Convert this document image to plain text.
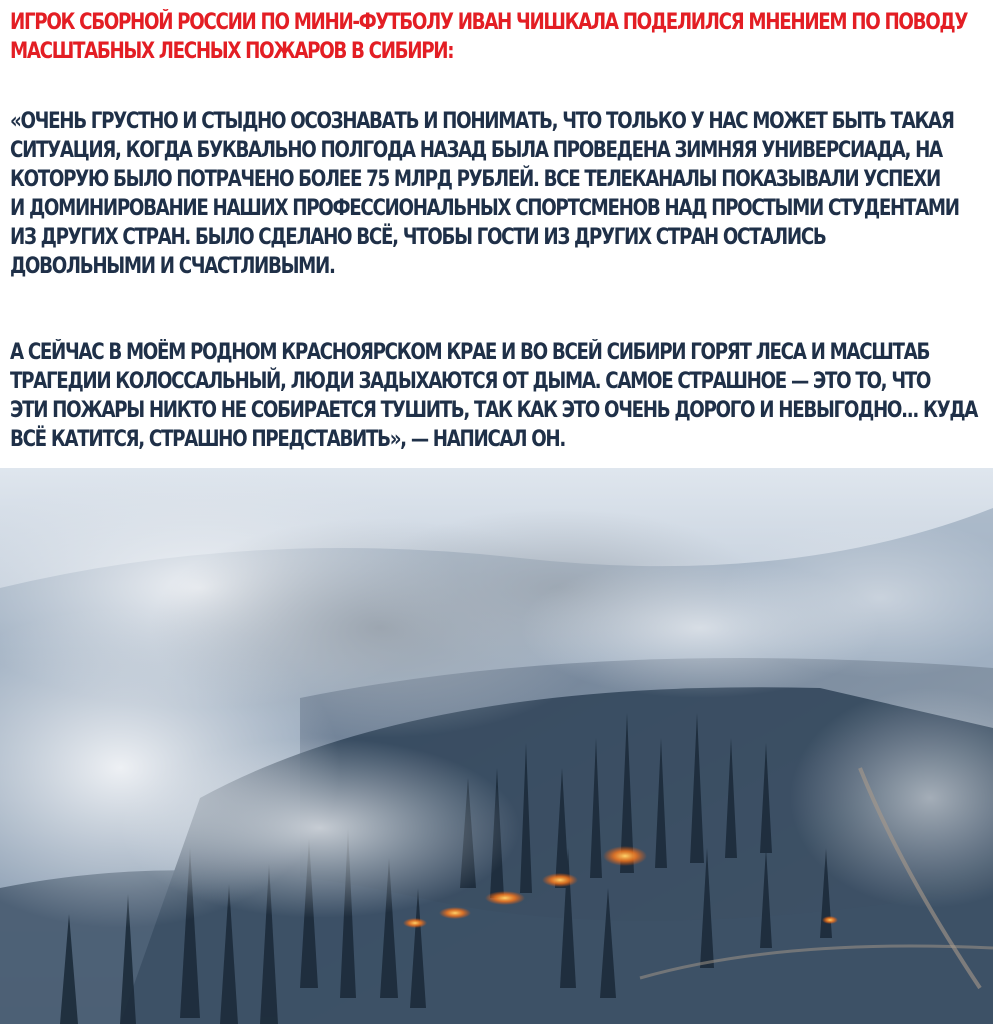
ИГРОК СБОРНОЙ РОССИИ ПО МИНИ-ФУТБОЛУ ИВАН ЧИШКАЛА ПОДЕЛИЛСЯ МНЕНИЕМ ПО ПОВОДУ
МАСШТАБНЫХ ЛЕСНЫХ ПОЖАРОВ В СИБИРИ:
«ОЧЕНЬ ГРУСТНО И СТЫДНО ОСОЗНАВАТЬ И ПОНИМАТЬ, ЧТО ТОЛЬКО У НАС МОЖЕТ БЫТЬ ТАКАЯ
СИТУАЦИЯ, КОГДА БУКВАЛЬНО ПОЛГОДА НАЗАД БЫЛА ПРОВЕДЕНА ЗИМНЯЯ УНИВЕРСИАДА, НА
КОТОРУЮ БЫЛО ПОТРАЧЕНО БОЛЕЕ 75 МЛРД РУБЛЕЙ. ВСЕ ТЕЛЕКАНАЛЫ ПОКАЗЫВАЛИ УСПЕХИ
И ДОМИНИРОВАНИЕ НАШИХ ПРОФЕССИОНАЛЬНЫХ СПОРТСМЕНОВ НАД ПРОСТЫМИ СТУДЕНТАМИ
ИЗ ДРУГИХ СТРАН. БЫЛО СДЕЛАНО ВСЁ, ЧТОБЫ ГОСТИ ИЗ ДРУГИХ СТРАН ОСТАЛИСЬ
ДОВОЛЬНЫМИ И СЧАСТЛИВЫМИ.
А СЕЙЧАС В МОЁМ РОДНОМ КРАСНОЯРСКОМ КРАЕ И ВО ВСЕЙ СИБИРИ ГОРЯТ ЛЕСА И МАСШТАБ
ТРАГЕДИИ КОЛОССАЛЬНЫЙ, ЛЮДИ ЗАДЫХАЮТСЯ ОТ ДЫМА. САМОЕ СТРАШНОЕ — ЭТО ТО, ЧТО
ЭТИ ПОЖАРЫ НИКТО НЕ СОБИРАЕТСЯ ТУШИТЬ, ТАК КАК ЭТО ОЧЕНЬ ДОРОГО И НЕВЫГОДНО... КУДА
ВСЁ КАТИТСЯ, СТРАШНО ПРЕДСТАВИТЬ», — НАПИСАЛ ОН.
